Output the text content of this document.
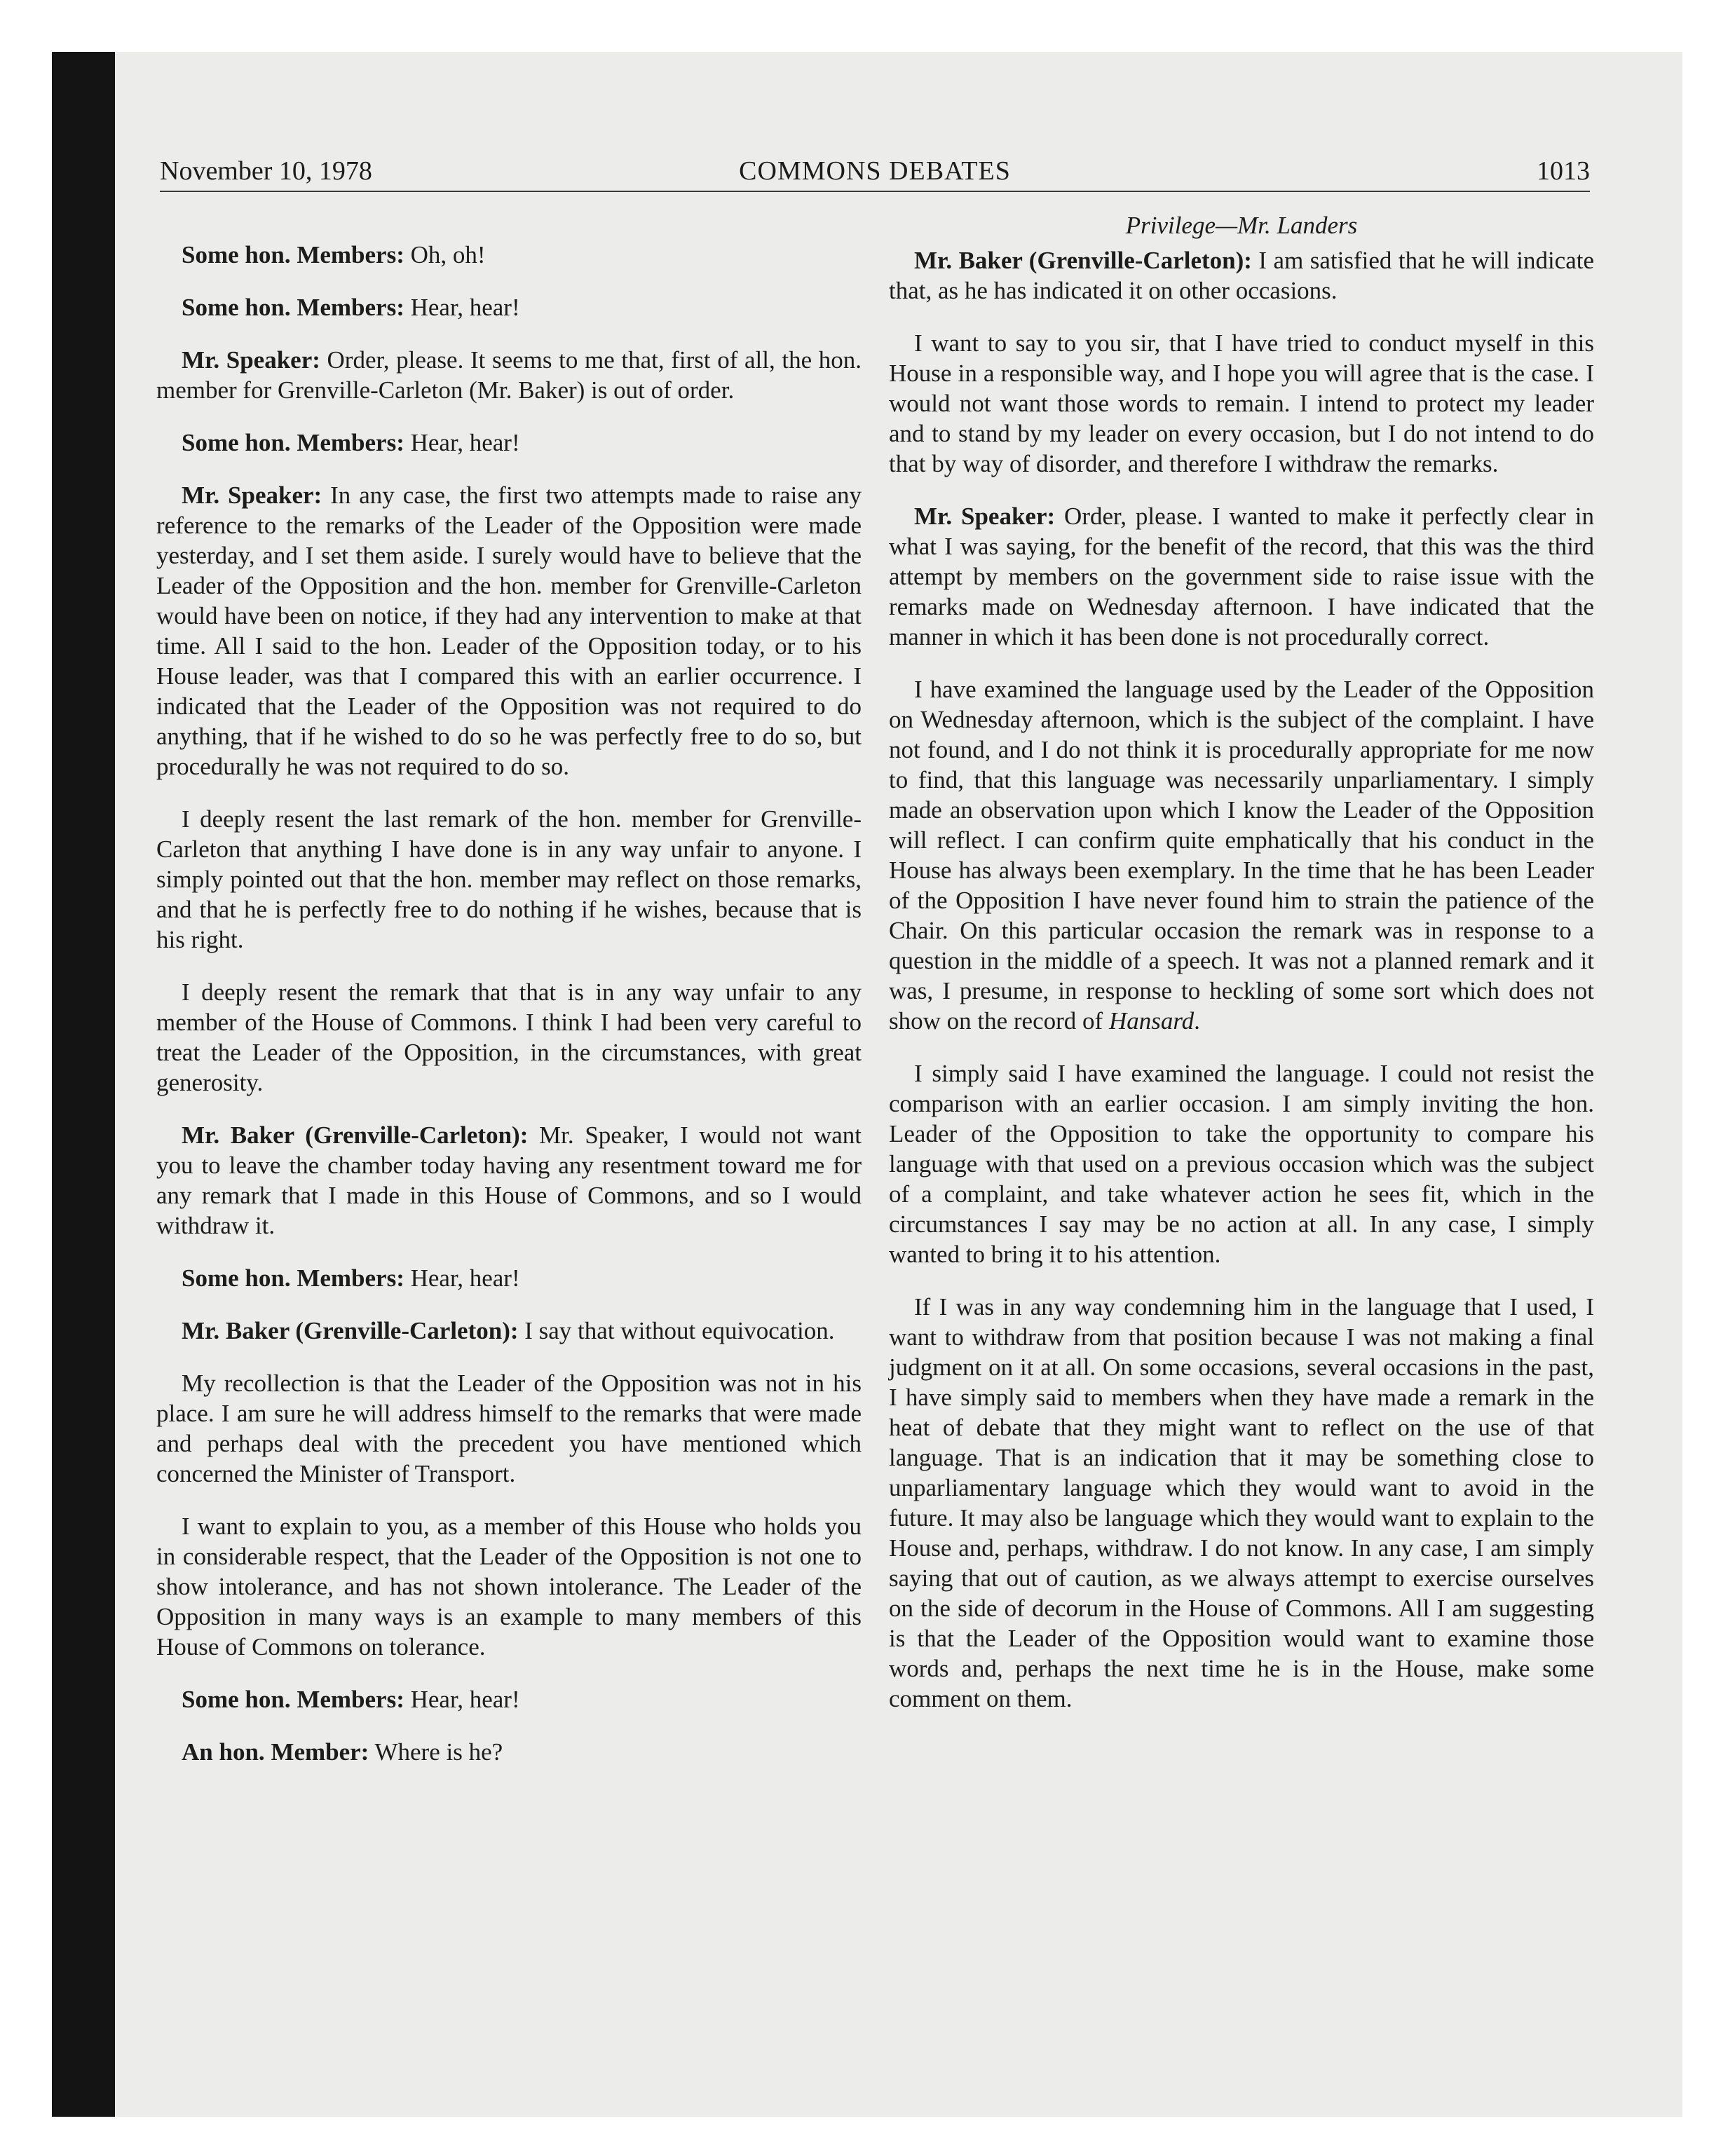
November 10, 1978	COMMONS DEBATES	1013

Some hon. Members: Oh, oh!

Some hon. Members: Hear, hear!

Mr. Speaker: Order, please. It seems to me that, first of all, the hon. member for Grenville-Carleton (Mr. Baker) is out of order.

Some hon. Members: Hear, hear!

Mr. Speaker: In any case, the first two attempts made to raise any reference to the remarks of the Leader of the Opposition were made yesterday, and I set them aside. I surely would have to believe that the Leader of the Opposition and the hon. member for Grenville-Carleton would have been on notice, if they had any intervention to make at that time. All I said to the hon. Leader of the Opposition today, or to his House leader, was that I compared this with an earlier occurrence. I indicated that the Leader of the Opposition was not required to do anything, that if he wished to do so he was perfectly free to do so, but procedurally he was not required to do so.

I deeply resent the last remark of the hon. member for Grenville-Carleton that anything I have done is in any way unfair to anyone. I simply pointed out that the hon. member may reflect on those remarks, and that he is perfectly free to do nothing if he wishes, because that is his right.

I deeply resent the remark that that is in any way unfair to any member of the House of Commons. I think I had been very careful to treat the Leader of the Opposition, in the circumstances, with great generosity.

Mr. Baker (Grenville-Carleton): Mr. Speaker, I would not want you to leave the chamber today having any resentment toward me for any remark that I made in this House of Commons, and so I would withdraw it.

Some hon. Members: Hear, hear!

Mr. Baker (Grenville-Carleton): I say that without equivocation.

My recollection is that the Leader of the Opposition was not in his place. I am sure he will address himself to the remarks that were made and perhaps deal with the precedent you have mentioned which concerned the Minister of Transport.

I want to explain to you, as a member of this House who holds you in considerable respect, that the Leader of the Opposition is not one to show intolerance, and has not shown intolerance. The Leader of the Opposition in many ways is an example to many members of this House of Commons on tolerance.

Some hon. Members: Hear, hear!

An hon. Member: Where is he?

Privilege—Mr. Landers

Mr. Baker (Grenville-Carleton): I am satisfied that he will indicate that, as he has indicated it on other occasions.

I want to say to you sir, that I have tried to conduct myself in this House in a responsible way, and I hope you will agree that is the case. I would not want those words to remain. I intend to protect my leader and to stand by my leader on every occasion, but I do not intend to do that by way of disorder, and therefore I withdraw the remarks.

Mr. Speaker: Order, please. I wanted to make it perfectly clear in what I was saying, for the benefit of the record, that this was the third attempt by members on the government side to raise issue with the remarks made on Wednesday afternoon. I have indicated that the manner in which it has been done is not procedurally correct.

I have examined the language used by the Leader of the Opposition on Wednesday afternoon, which is the subject of the complaint. I have not found, and I do not think it is procedurally appropriate for me now to find, that this language was necessarily unparliamentary. I simply made an observation upon which I know the Leader of the Opposition will reflect. I can confirm quite emphatically that his conduct in the House has always been exemplary. In the time that he has been Leader of the Opposition I have never found him to strain the patience of the Chair. On this particular occasion the remark was in response to a question in the middle of a speech. It was not a planned remark and it was, I presume, in response to heckling of some sort which does not show on the record of Hansard.

I simply said I have examined the language. I could not resist the comparison with an earlier occasion. I am simply inviting the hon. Leader of the Opposition to take the opportunity to compare his language with that used on a previous occasion which was the subject of a complaint, and take whatever action he sees fit, which in the circumstances I say may be no action at all. In any case, I simply wanted to bring it to his attention.

If I was in any way condemning him in the language that I used, I want to withdraw from that position because I was not making a final judgment on it at all. On some occasions, several occasions in the past, I have simply said to members when they have made a remark in the heat of debate that they might want to reflect on the use of that language. That is an indication that it may be something close to unparliamentary language which they would want to avoid in the future. It may also be language which they would want to explain to the House and, perhaps, withdraw. I do not know. In any case, I am simply saying that out of caution, as we always attempt to exercise ourselves on the side of decorum in the House of Commons. All I am suggesting is that the Leader of the Opposition would want to examine those words and, perhaps the next time he is in the House, make some comment on them.
